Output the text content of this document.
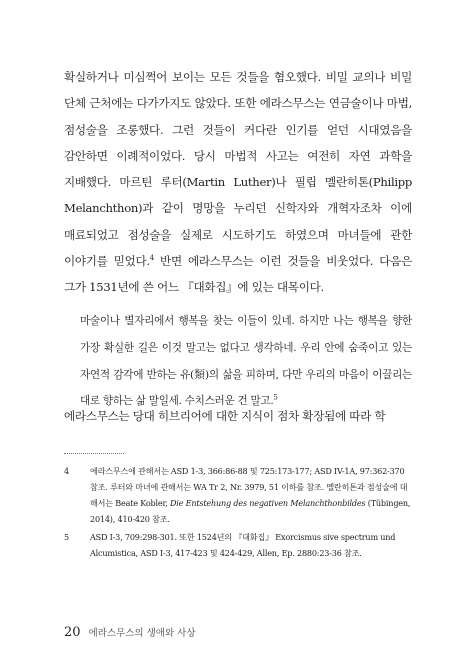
확실하거나 미심쩍어 보이는 모든 것들을 혐오했다. 비밀 교의나 비밀 단체 근처에는 다가가지도 않았다. 또한 에라스무스는 연금술이나 마법, 점성술을 조롱했다. 그런 것들이 커다란 인기를 얻던 시대였음을 감안하면 이례적이었다. 당시 마법적 사고는 여전히 자연 과학을 지배했다. 마르틴 루터(Martin Luther)나 필립 멜란히톤(Philipp Melanchthon)과 같이 명망을 누리던 신학자와 개혁자조차 이에 매료되었고 점성술을 실제로 시도하기도 하였으며 마녀들에 관한 이야기를 믿었다.$^4$ 반면 에라스무스는 이런 것들을 비웃었다. 다음은 그가 1531년에 쓴 어느 『대화집』에 있는 대목이다.

마술이나 별자리에서 행복을 찾는 이들이 있네. 하지만 나는 행복을 향한 가장 확실한 길은 이것 말고는 없다고 생각하네. 우리 안에 숨죽이고 있는 자연적 감각에 반하는 유(類)의 삶을 피하며, 다만 우리의 마음이 이끌리는 대로 향하는 삶 말일세. 수치스러운 건 말고.$^5$

에라스무스는 당대 히브리어에 대한 지식이 점차 확장됨에 따라 학
4	에라스무스에 관해서는 ASD 1-3, 366:86-88 및 725:173-177; ASD IV-1A, 97:362-370 참조. 루터와 마녀에 관해서는 WA Tr 2, Nr. 3979, 51 이하를 참조. 멜란히톤과 점성술에 대해서는 Beate Kobler, Die Entstehung des negativen Melanchthonbildes (Tübingen, 2014), 410-420 참조.
5	ASD I-3, 709:298-301. 또한 1524년의 『대화집』 Exorcismus sive spectrum und Alcumistica, ASD I-3, 417-423 및 424-429, Allen, Ep. 2880:23-36 참조.
20 에라스무스의 생애와 사상
